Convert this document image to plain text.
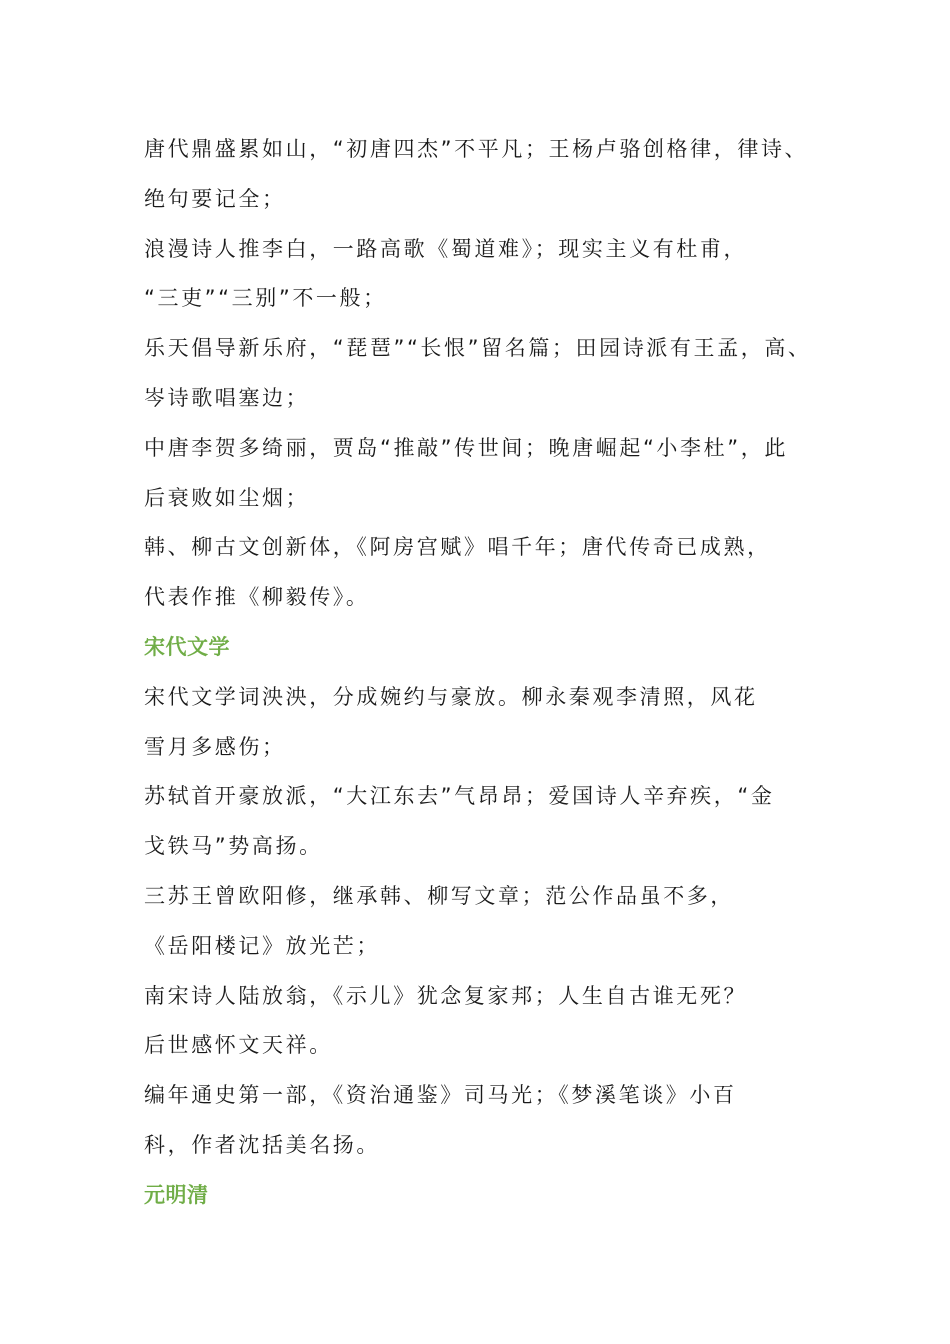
唐代鼎盛累如山，“初唐四杰”不平凡；王杨卢骆创格律，律诗、
绝句要记全；
浪漫诗人推李白，一路高歌《蜀道难》；现实主义有杜甫，
“三吏”“三别”不一般；
乐天倡导新乐府，“琵琶”“长恨”留名篇；田园诗派有王孟，高、
岑诗歌唱塞边；
中唐李贺多绮丽，贾岛“推敲”传世间；晚唐崛起“小李杜”，此
后衰败如尘烟；
韩、柳古文创新体，《阿房宫赋》唱千年；唐代传奇已成熟，
代表作推《柳毅传》。
宋代文学
宋代文学词泱泱，分成婉约与豪放。柳永秦观李清照，风花
雪月多感伤；
苏轼首开豪放派，“大江东去”气昂昂；爱国诗人辛弃疾，“金
戈铁马”势高扬。
三苏王曾欧阳修，继承韩、柳写文章；范公作品虽不多，
《岳阳楼记》放光芒；
南宋诗人陆放翁，《示儿》犹念复家邦；人生自古谁无死？
后世感怀文天祥。
编年通史第一部，《资治通鉴》司马光；《梦溪笔谈》小百
科，作者沈括美名扬。
元明清
